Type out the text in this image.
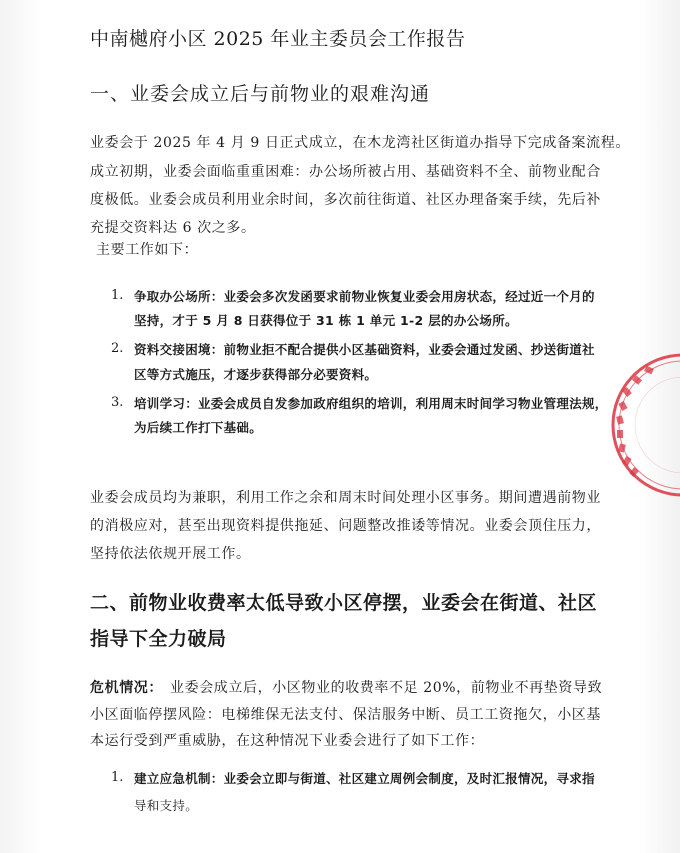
中南樾府小区 2025 年业主委员会工作报告
一、业委会成立后与前物业的艰难沟通
业委会于 2025 年 4 月 9 日正式成立，在木龙湾社区街道办指导下完成备案流程。
成立初期，业委会面临重重困难：办公场所被占用、基础资料不全、前物业配合
度极低。业委会成员利用业余时间，多次前往街道、社区办理备案手续，先后补
充提交资料达 6 次之多。
主要工作如下：
1. 争取办公场所：业委会多次发函要求前物业恢复业委会用房状态，经过近一个月的
坚持，才于 5 月 8 日获得位于 31 栋 1 单元 1-2 层的办公场所。
2. 资料交接困境：前物业拒不配合提供小区基础资料，业委会通过发函、抄送街道社
区等方式施压，才逐步获得部分必要资料。
3. 培训学习：业委会成员自发参加政府组织的培训，利用周末时间学习物业管理法规，
为后续工作打下基础。
业委会成员均为兼职，利用工作之余和周末时间处理小区事务。期间遭遇前物业
的消极应对，甚至出现资料提供拖延、问题整改推诿等情况。业委会顶住压力，
坚持依法依规开展工作。
二、前物业收费率太低导致小区停摆，业委会在街道、社区
指导下全力破局
危机情况： 业委会成立后，小区物业的收费率不足 20%，前物业不再垫资导致
小区面临停摆风险：电梯维保无法支付、保洁服务中断、员工工资拖欠，小区基
本运行受到严重威胁，在这种情况下业委会进行了如下工作：
1. 建立应急机制：业委会立即与街道、社区建立周例会制度，及时汇报情况，寻求指
导和支持。
